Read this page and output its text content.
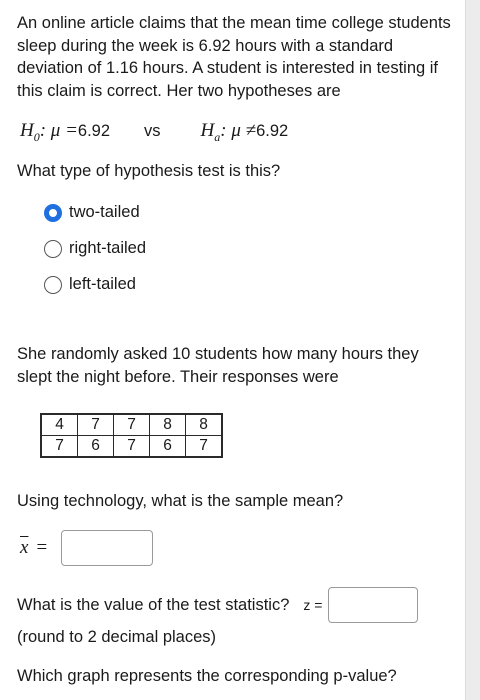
An online article claims that the mean time college students sleep during the week is 6.92 hours with a standard deviation of 1.16 hours. A student is interested in testing if this claim is correct. Her two hypotheses are

$H_0$: μ = 6.92 vs $H_a$: μ ≠ 6.92

What type of hypothesis test is this?

two-tailed
right-tailed
left-tailed

She randomly asked 10 students how many hours they slept the night before. Their responses were

4	7	7	8	8
7	6	7	6	7

Using technology, what is the sample mean?

$\overline{x}$ =
What is the value of the test statistic? z =

(round to 2 decimal places)

Which graph represents the corresponding p-value?
